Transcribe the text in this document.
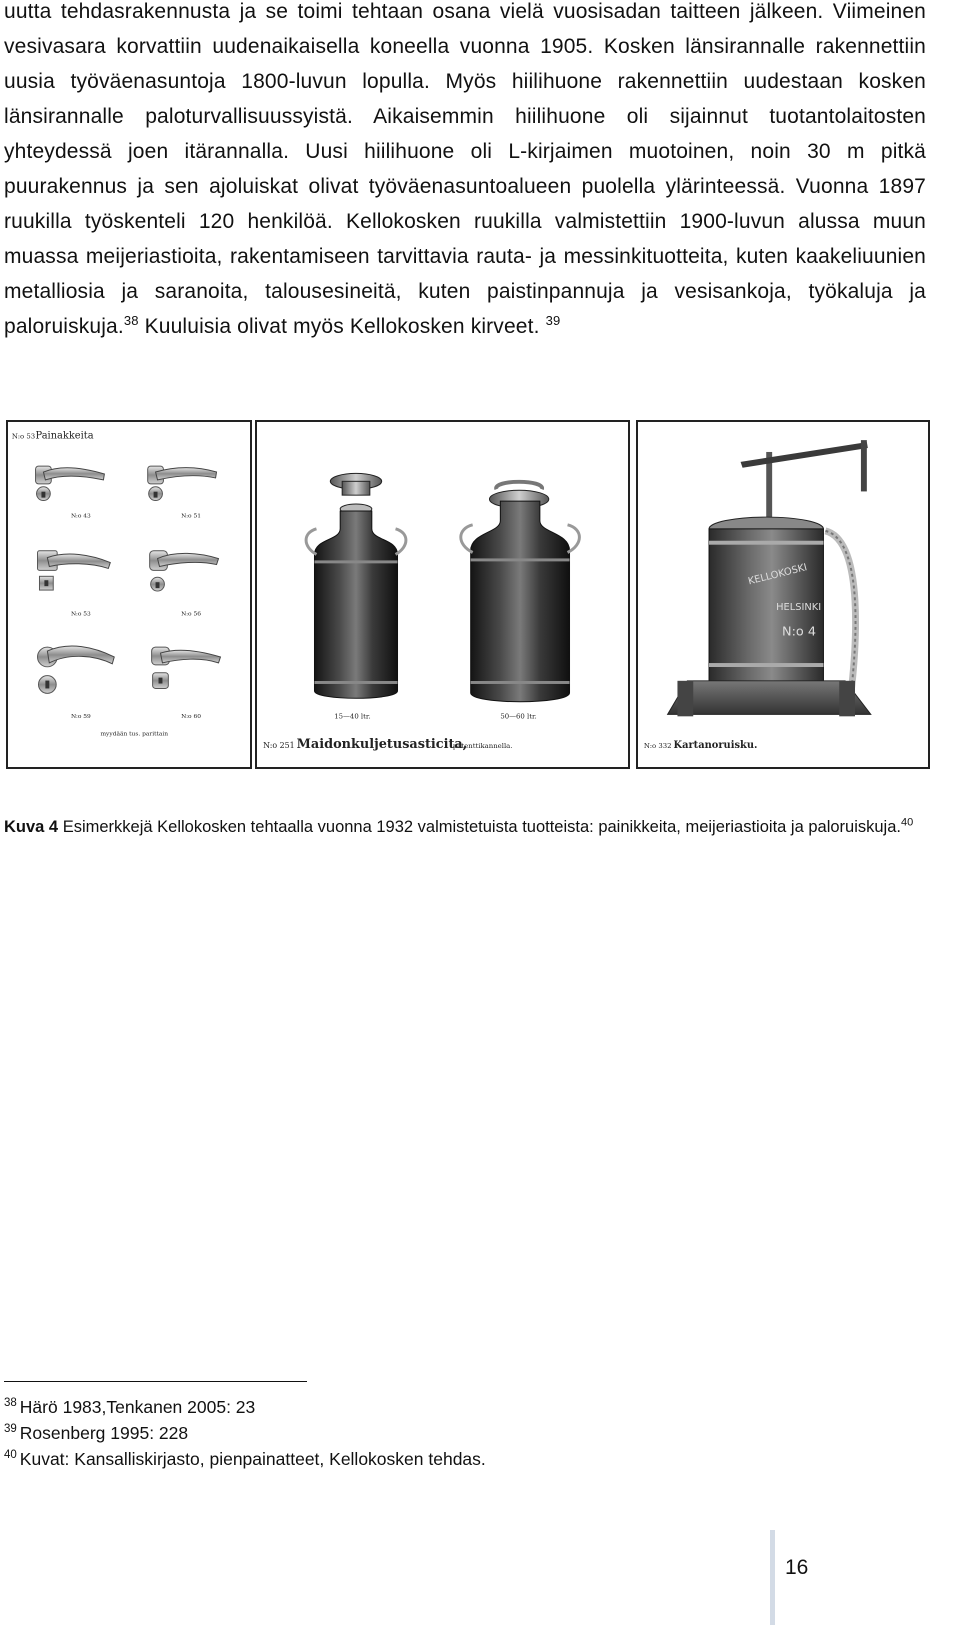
uutta tehdasrakennusta ja se toimi tehtaan osana vielä vuosisadan taitteen jälkeen. Viimeinen vesivasara korvattiin uudenaikaisella koneella vuonna 1905. Kosken länsirannalle rakennettiin uusia työväenasuntoja 1800-luvun lopulla. Myös hiilihuone rakennettiin uudestaan kosken länsirannalle paloturvallisuussyistä. Aikaisemmin hiilihuone oli sijainnut tuotantolaitosten yhteydessä joen itärannalla. Uusi hiilihuone oli L-kirjaimen muotoinen, noin 30 m pitkä puurakennus ja sen ajoluiskat olivat työväenasuntoalueen puolella ylärinteessä. Vuonna 1897 ruukilla työskenteli 120 henkilöä. Kellokosken ruukilla valmistettiin 1900-luvun alussa muun muassa meijeriastioita, rakentamiseen tarvittavia rauta- ja messinkituotteita, kuten kaakeliuunien metalliosia ja saranoita, talousesineitä, kuten paistinpannuja ja vesisankoja, työkaluja ja paloruiskuja.$^{38}$ Kuuluisia olivat myös Kellokosken kirveet. $^{39}$
N:o 53 Painakkeita
N:o 43	N:o 51
N:o 53	N:o 56
N:o 59	N:o 60
myydään tus. parittain
15—40 ltr.	50—60 ltr.
N:o 251 Maidonkuljetusasticita,
patenttikannella.
KELLOKOSKI
HELSINKI
N:o 4
N:o 332 Kartanoruisku.
Kuva 4 Esimerkkejä Kellokosken tehtaalla vuonna 1932 valmistetuista tuotteista: painikkeita, meijeriastioita ja paloruiskuja.$^{40}$
$^{38}$ Härö 1983,Tenkanen 2005: 23
$^{39}$ Rosenberg 1995: 228
$^{40}$ Kuvat: Kansalliskirjasto, pienpainatteet, Kellokosken tehdas.
16
